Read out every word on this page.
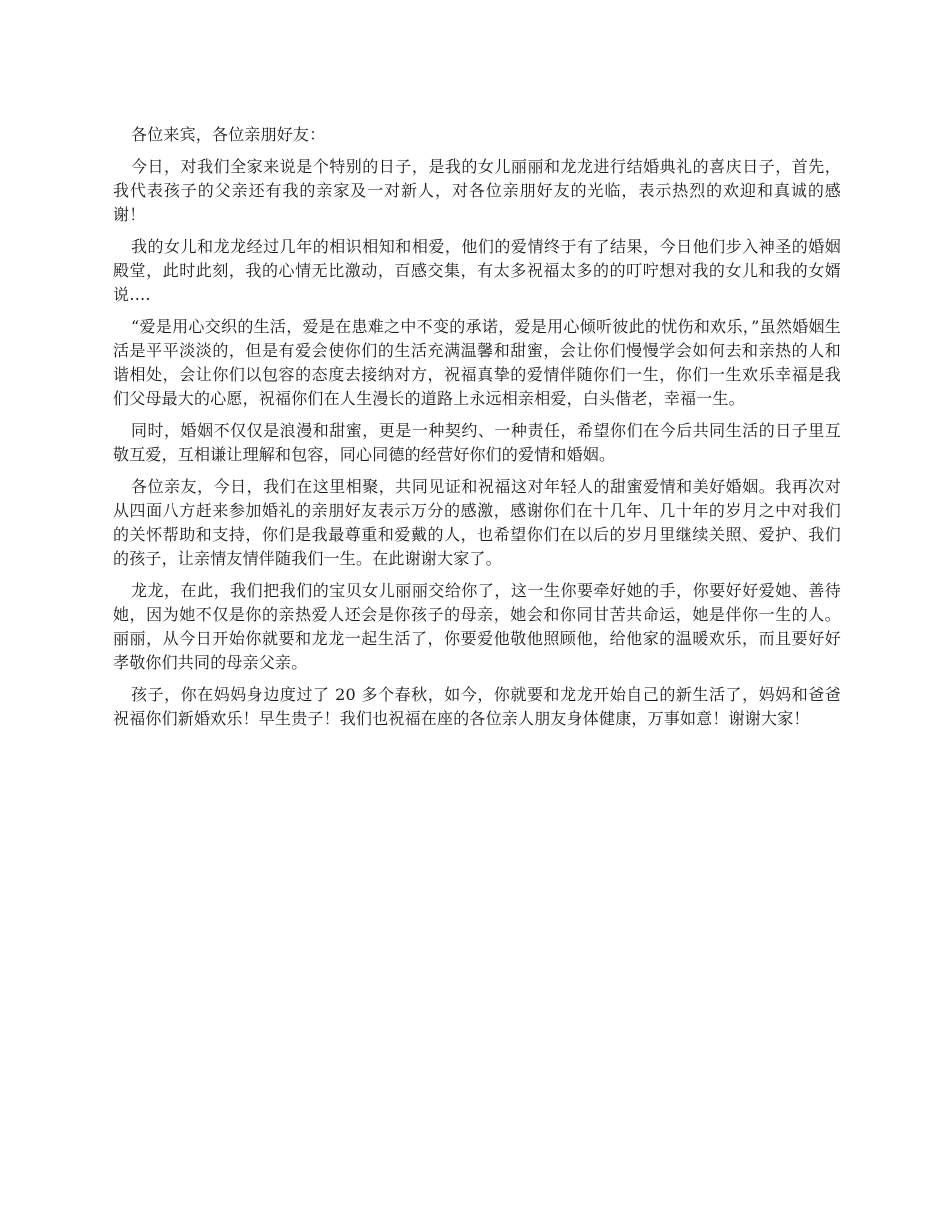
各位来宾，各位亲朋好友：

今日，对我们全家来说是个特别的日子，是我的女儿丽丽和龙龙进行结婚典礼的喜庆日子，首先，我代表孩子的父亲还有我的亲家及一对新人，对各位亲朋好友的光临，表示热烈的欢迎和真诚的感谢！

我的女儿和龙龙经过几年的相识相知和相爱，他们的爱情终于有了结果，今日他们步入神圣的婚姻殿堂，此时此刻，我的心情无比激动，百感交集，有太多祝福太多的的叮咛想对我的女儿和我的女婿说….

“爱是用心交织的生活，爱是在患难之中不变的承诺，爱是用心倾听彼此的忧伤和欢乐，”虽然婚姻生活是平平淡淡的，但是有爱会使你们的生活充满温馨和甜蜜，会让你们慢慢学会如何去和亲热的人和谐相处，会让你们以包容的态度去接纳对方，祝福真挚的爱情伴随你们一生，你们一生欢乐幸福是我们父母最大的心愿，祝福你们在人生漫长的道路上永远相亲相爱，白头偕老，幸福一生。

同时，婚姻不仅仅是浪漫和甜蜜，更是一种契约、一种责任，希望你们在今后共同生活的日子里互敬互爱，互相谦让理解和包容，同心同德的经营好你们的爱情和婚姻。

各位亲友，今日，我们在这里相聚，共同见证和祝福这对年轻人的甜蜜爱情和美好婚姻。我再次对从四面八方赶来参加婚礼的亲朋好友表示万分的感激，感谢你们在十几年、几十年的岁月之中对我们的关怀帮助和支持，你们是我最尊重和爱戴的人，也希望你们在以后的岁月里继续关照、爱护、我们的孩子，让亲情友情伴随我们一生。在此谢谢大家了。

龙龙，在此，我们把我们的宝贝女儿丽丽交给你了，这一生你要牵好她的手，你要好好爱她、善待她，因为她不仅是你的亲热爱人还会是你孩子的母亲，她会和你同甘苦共命运，她是伴你一生的人。丽丽，从今日开始你就要和龙龙一起生活了，你要爱他敬他照顾他，给他家的温暖欢乐，而且要好好孝敬你们共同的母亲父亲。

孩子，你在妈妈身边度过了 20 多个春秋，如今，你就要和龙龙开始自己的新生活了，妈妈和爸爸祝福你们新婚欢乐！早生贵子！我们也祝福在座的各位亲人朋友身体健康，万事如意！谢谢大家！
